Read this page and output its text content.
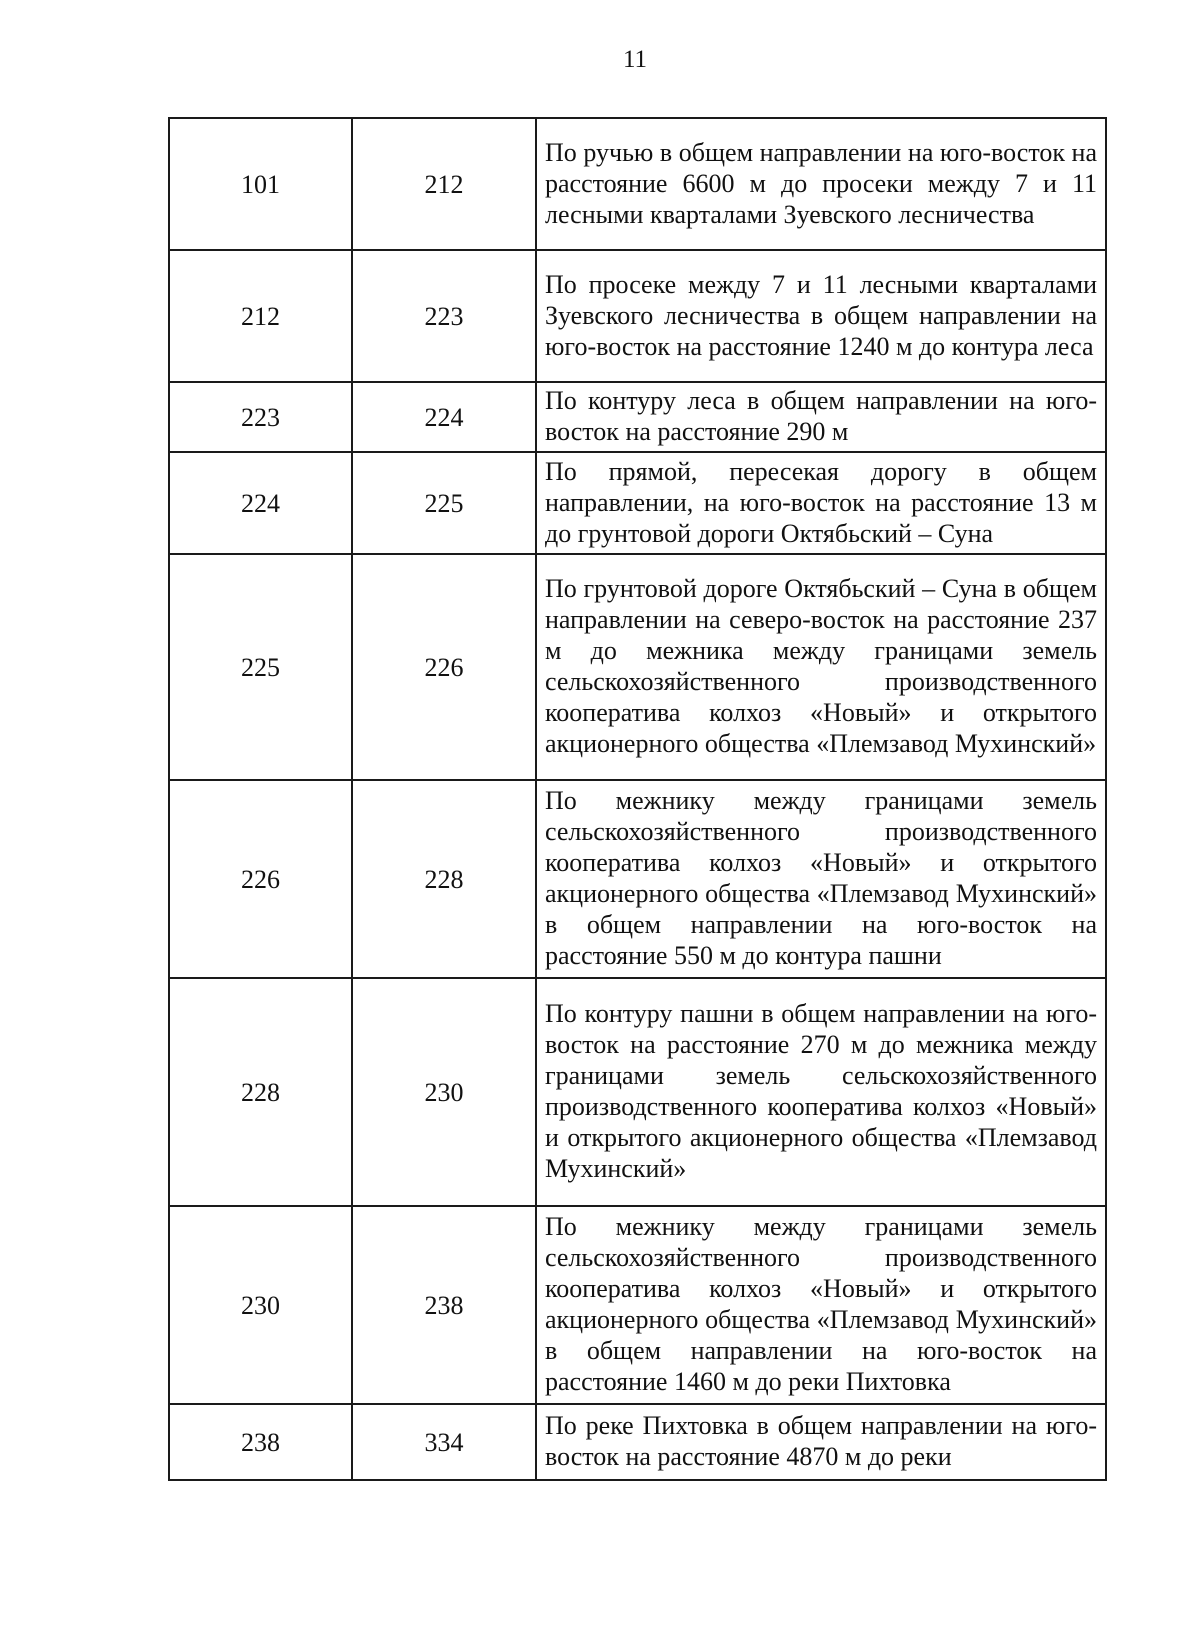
11
101	212	По ручью в общем направлении на юго-восток на расстояние 6600 м до просеки между 7 и 11 лесными кварталами Зуевского лесничества
212	223	По просеке между 7 и 11 лесными кварталами Зуевского лесничества в общем направлении на юго-восток на расстояние 1240 м до контура леса
223	224	По контуру леса в общем направлении на юго-восток на расстояние 290 м
224	225	По прямой, пересекая дорогу в общем направлении, на юго-восток на расстояние 13 м до грунтовой дороги Октябьский – Суна
225	226	По грунтовой дороге Октябьский – Суна в общем направлении на северо-восток на расстояние 237 м до межника между границами земель сельскохозяйственного производственного кооператива колхоз «Новый» и открытого акционерного общества «Племзавод Мухинский»
226	228	По межнику между границами земель сельскохозяйственного производственного кооператива колхоз «Новый» и открытого акционерного общества «Племзавод Мухинский» в общем направлении на юго-восток на расстояние 550 м до контура пашни
228	230	По контуру пашни в общем направлении на юго-восток на расстояние 270 м до межника между границами земель сельскохозяйственного производственного кооператива колхоз «Новый» и открытого акционерного общества «Племзавод Мухинский»
230	238	По межнику между границами земель сельскохозяйственного производственного кооператива колхоз «Новый» и открытого акционерного общества «Племзавод Мухинский» в общем направлении на юго-восток на расстояние 1460 м до реки Пихтовка
238	334	По реке Пихтовка в общем направлении на юго-восток на расстояние 4870 м до реки
